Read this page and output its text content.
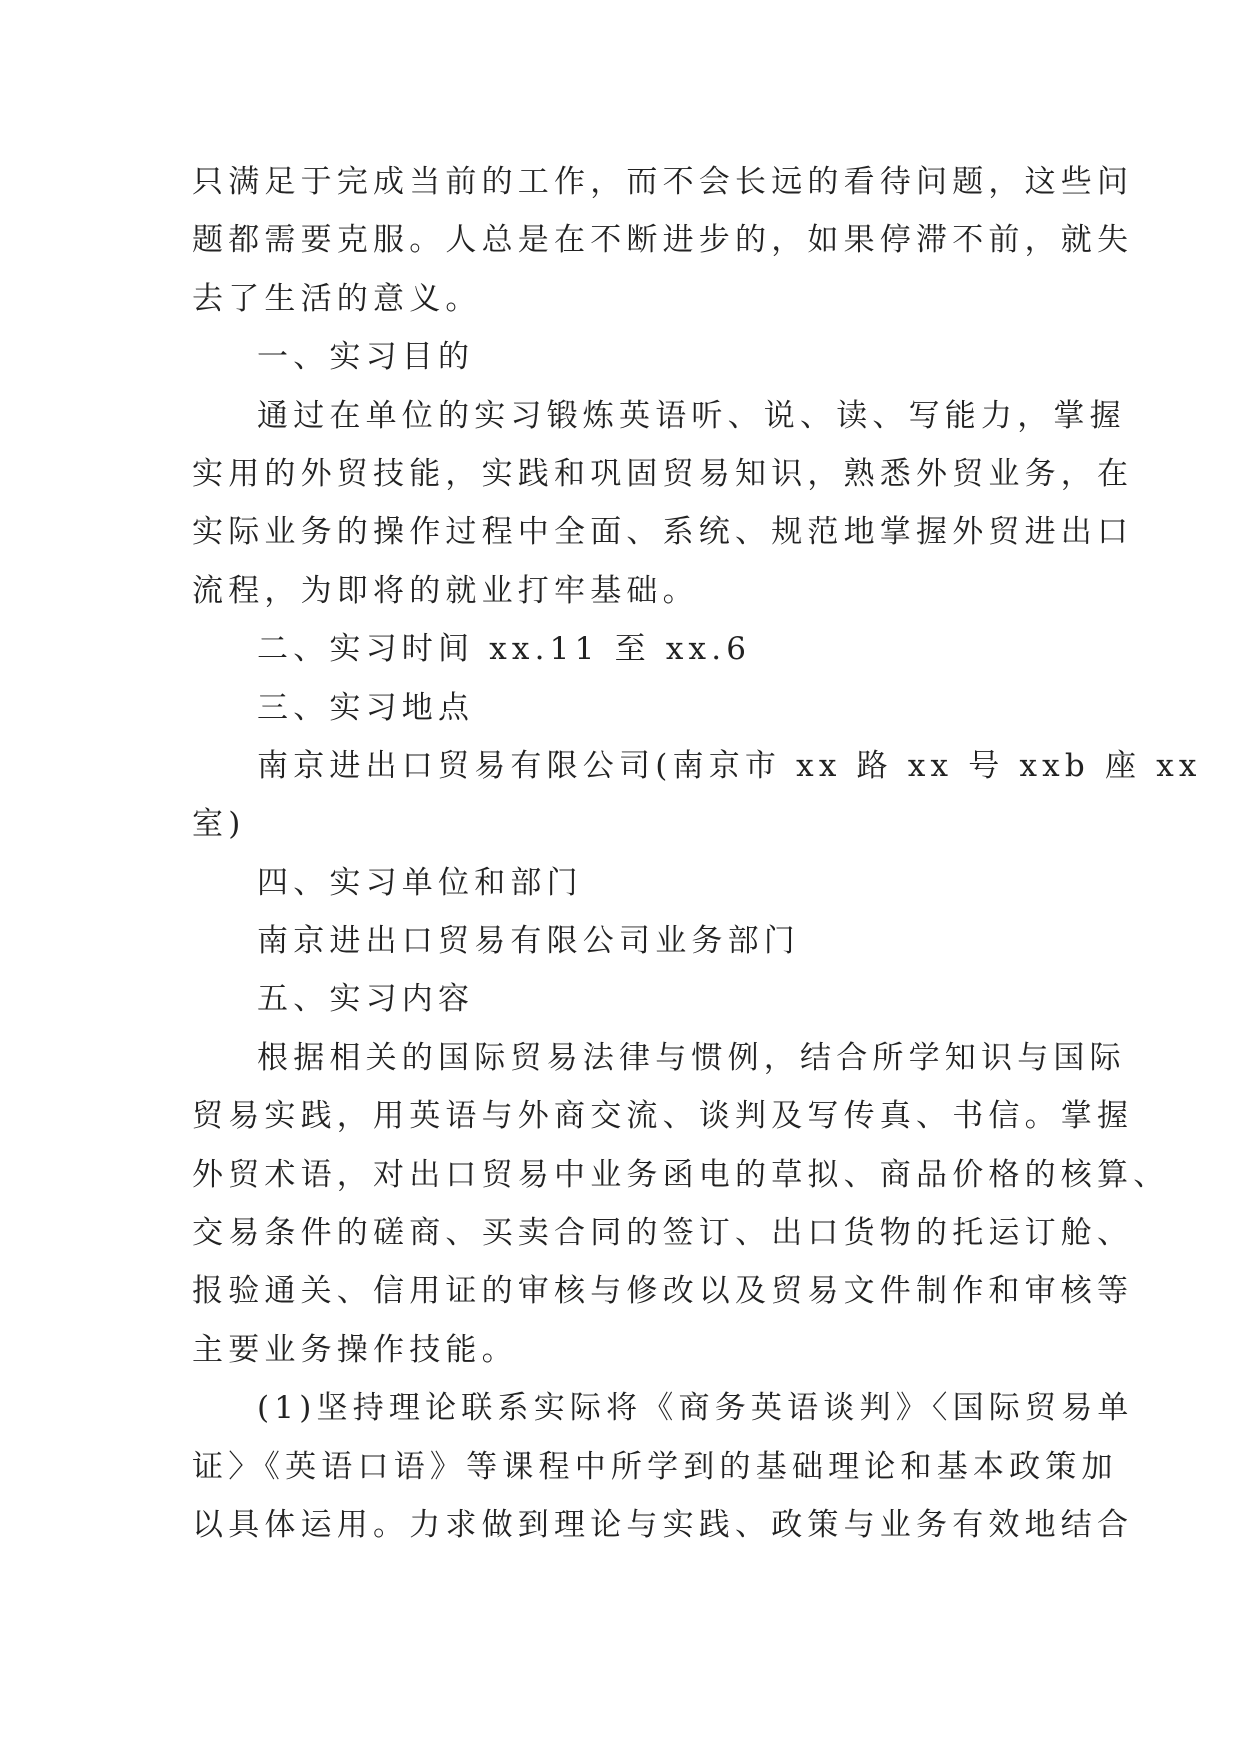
只满足于完成当前的工作，而不会长远的看待问题，这些问
题都需要克服。人总是在不断进步的，如果停滞不前，就失
去了生活的意义。
一、实习目的
通过在单位的实习锻炼英语听、说、读、写能力，掌握
实用的外贸技能，实践和巩固贸易知识，熟悉外贸业务，在
实际业务的操作过程中全面、系统、规范地掌握外贸进出口
流程，为即将的就业打牢基础。
二、实习时间 xx.11 至 xx.6
三、实习地点
南京进出口贸易有限公司(南京市 xx 路 xx 号 xxb 座 xx
室)
四、实习单位和部门
南京进出口贸易有限公司业务部门
五、实习内容
根据相关的国际贸易法律与惯例，结合所学知识与国际
贸易实践，用英语与外商交流、谈判及写传真、书信。掌握
外贸术语，对出口贸易中业务函电的草拟、商品价格的核算、
交易条件的磋商、买卖合同的签订、出口货物的托运订舱、
报验通关、信用证的审核与修改以及贸易文件制作和审核等
主要业务操作技能。
(1)坚持理论联系实际将《商务英语谈判》〈国际贸易单
证〉《英语口语》等课程中所学到的基础理论和基本政策加
以具体运用。力求做到理论与实践、政策与业务有效地结合
